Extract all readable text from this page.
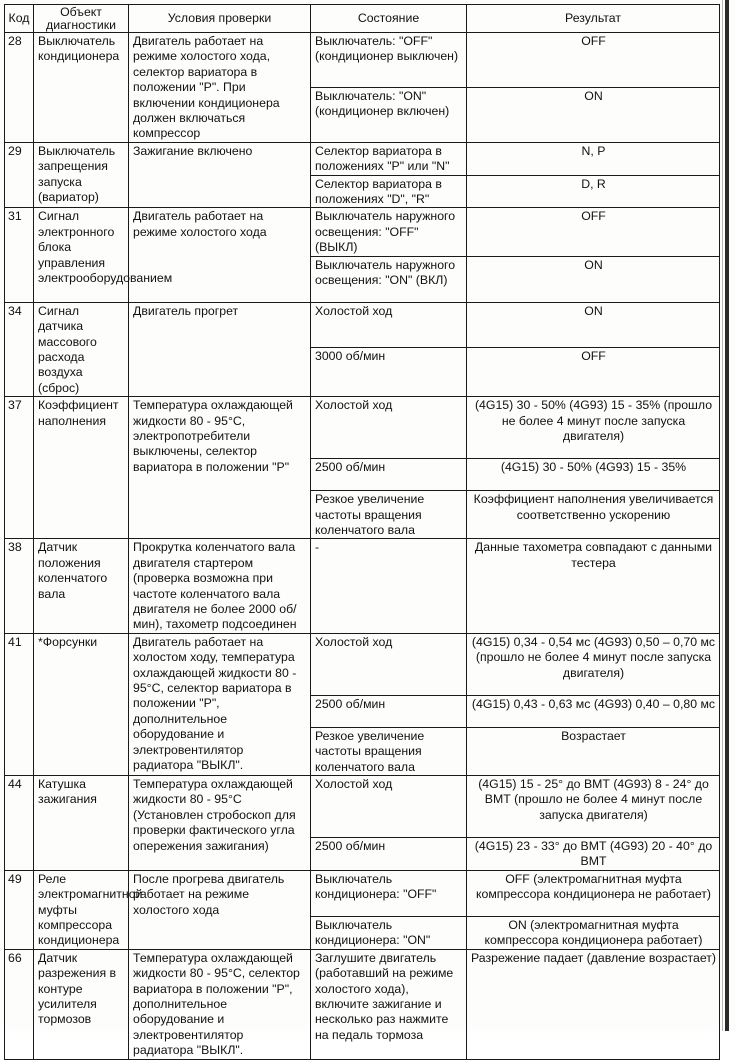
Код	Объект диагностики	Условия проверки	Состояние	Результат
28	Выключатель кондиционера	Двигатель работает на режиме холостого хода, селектор вариатора в положении "P". При включении кондиционера должен включаться компрессор	Выключатель: "OFF" (кондиционер выключен)	OFF
			Выключатель: "ON" (кондиционер включен)	ON
29	Выключатель запрещения запуска (вариатор)	Зажигание включено	Селектор вариатора в положениях "P" или "N"	N, P
			Селектор вариатора в положениях "D", "R"	D, R
31	Сигнал электронного блока управления электрооборудованием	Двигатель работает на режиме холостого хода	Выключатель наружного освещения: "OFF" (ВЫКЛ)	OFF
			Выключатель наружного освещения: "ON" (ВКЛ)	ON
34	Сигнал датчика массового расхода воздуха (сброс)	Двигатель прогрет	Холостой ход	ON
			3000 об/мин	OFF
37	Коэффициент наполнения	Температура охлаждающей жидкости 80 - 95°С, электропотребители выключены, селектор вариатора в положении "P"	Холостой ход	(4G15) 30 - 50% (4G93) 15 - 35% (прошло не более 4 минут после запуска двигателя)
			2500 об/мин	(4G15) 30 - 50% (4G93) 15 - 35%
			Резкое увеличение частоты вращения коленчатого вала	Коэффициент наполнения увеличивается соответственно ускорению
38	Датчик положения коленчатого вала	Прокрутка коленчатого вала двигателя стартером (проверка возможна при частоте коленчатого вала двигателя не более 2000 об/мин), тахометр подсоединен	-	Данные тахометра совпадают с данными тестера
41	*Форсунки	Двигатель работает на холостом ходу, температура охлаждающей жидкости 80 - 95°С, селектор вариатора в положении "P", дополнительное оборудование и электровентилятор радиатора "ВЫКЛ".	Холостой ход	(4G15) 0,34 - 0,54 мс (4G93) 0,50 – 0,70 мс (прошло не более 4 минут после запуска двигателя)
			2500 об/мин	(4G15) 0,43 - 0,63 мс (4G93) 0,40 – 0,80 мс
			Резкое увеличение частоты вращения коленчатого вала	Возрастает
44	Катушка зажигания	Температура охлаждающей жидкости 80 - 95°С (Установлен стробоскоп для проверки фактического угла опережения зажигания)	Холостой ход	(4G15) 15 - 25° до ВМТ (4G93) 8 - 24° до ВМТ (прошло не более 4 минут после запуска двигателя)
			2500 об/мин	(4G15) 23 - 33° до ВМТ (4G93) 20 - 40° до ВМТ
49	Реле электромагнитной муфты компрессора кондиционера	После прогрева двигатель работает на режиме холостого хода	Выключатель кондиционера: "OFF"	OFF (электромагнитная муфта компрессора кондиционера не работает)
			Выключатель кондиционера: "ON"	ON (электромагнитная муфта компрессора кондиционера работает)
66	Датчик разрежения в контуре усилителя тормозов	Температура охлаждающей жидкости 80 - 95°С, селектор вариатора в положении "P", дополнительное оборудование и электровентилятор радиатора "ВЫКЛ".	Заглушите двигатель (работавший на режиме холостого хода), включите зажигание и несколько раз нажмите на педаль тормоза	Разрежение падает (давление возрастает)
